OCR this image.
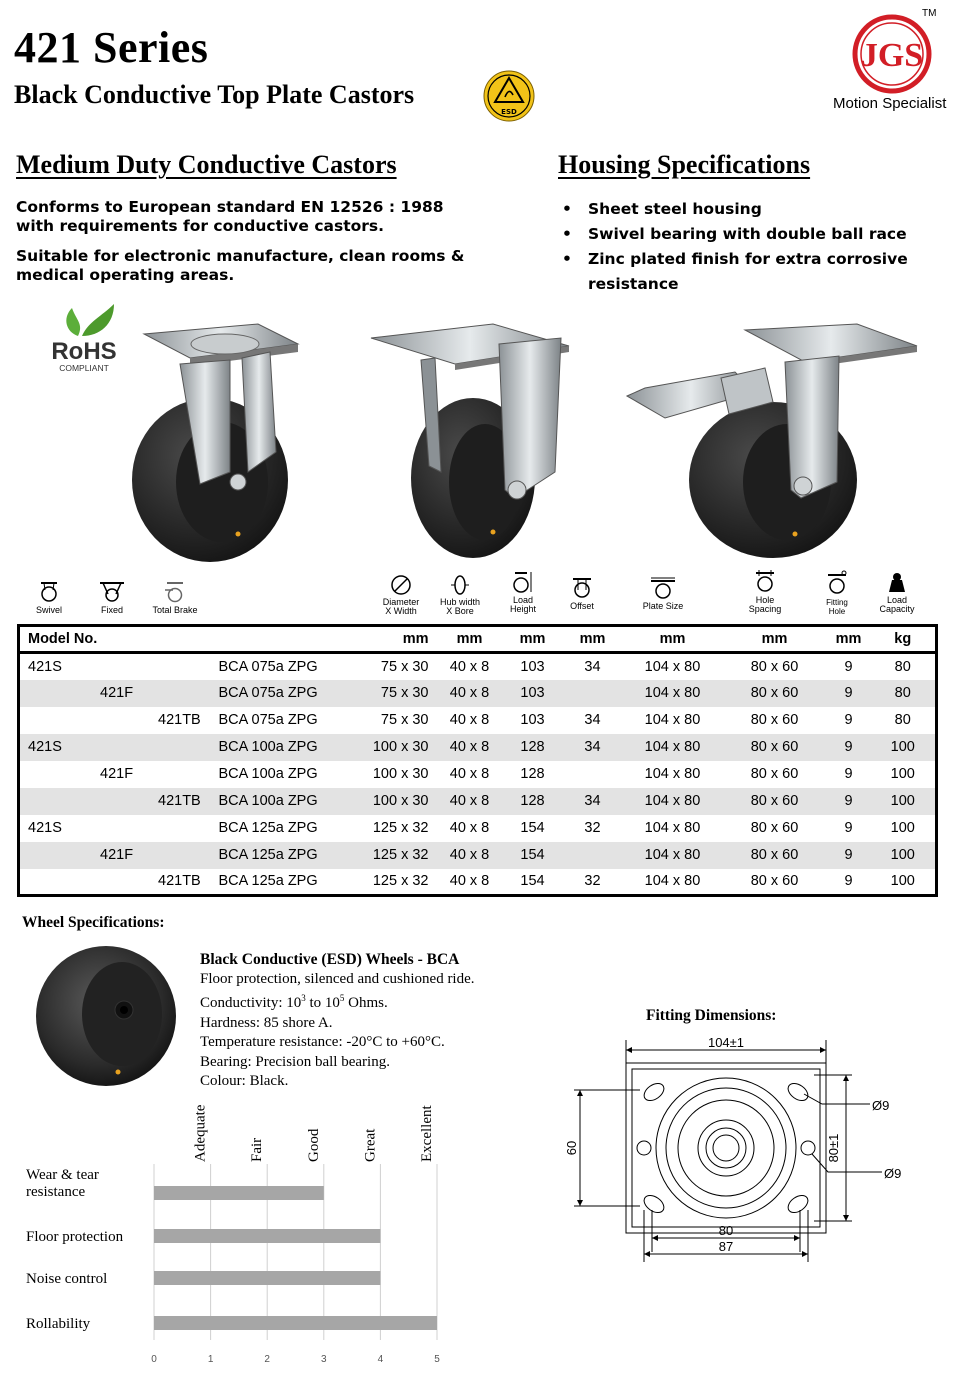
421 Series
Black Conductive Top Plate Castors
ESD
JGS
TM
Motion Specialist
Medium Duty Conductive Castors	Housing Specifications
Conforms to European standard EN 12526 : 1988 with requirements for conductive castors.
Suitable for electronic manufacture, clean rooms & medical operating areas.
• Sheet steel housing
• Swivel bearing with double ball race
• Zinc plated finish for extra corrosive resistance
RoHS
COMPLIANT
Swivel	Fixed	Total Brake
Diameter
X Width
Hub width
X Bore
Load
Height	Offset	Plate Size
Hole
Spacing
Fitting
Hole
Load
Capacity
Model No.		mm	mm	mm	mm	mm	mm	mm	kg
421S	BCA 075a ZPG	75 x 30	40 x 8	103	34	104 x 80	80 x 60	9	80
421F	BCA 075a ZPG	75 x 30	40 x 8	103		104 x 80	80 x 60	9	80
421TB	BCA 075a ZPG	75 x 30	40 x 8	103	34	104 x 80	80 x 60	9	80
421S	BCA 100a ZPG	100 x 30	40 x 8	128	34	104 x 80	80 x 60	9	100
421F	BCA 100a ZPG	100 x 30	40 x 8	128		104 x 80	80 x 60	9	100
421TB	BCA 100a ZPG	100 x 30	40 x 8	128	34	104 x 80	80 x 60	9	100
421S	BCA 125a ZPG	125 x 32	40 x 8	154	32	104 x 80	80 x 60	9	100
421F	BCA 125a ZPG	125 x 32	40 x 8	154		104 x 80	80 x 60	9	100
421TB	BCA 125a ZPG	125 x 32	40 x 8	154	32	104 x 80	80 x 60	9	100
Wheel Specifications:
Black Conductive (ESD) Wheels - BCA
Floor protection, silenced and cushioned ride.
Conductivity: $10^3$ to $10^5$ Ohms.
Hardness: 85 shore A.
Temperature resistance: -20°C to +60°C.
Bearing: Precision ball bearing.
Colour: Black.
Fitting Dimensions:
104±1
60	80±1
80
87
Ø9
Ø9
Adequate	Fair	Good	Great	Excellent
Wear & tear
resistance
Floor protection
Noise control
Rollability
0	1	2	3	4	5
